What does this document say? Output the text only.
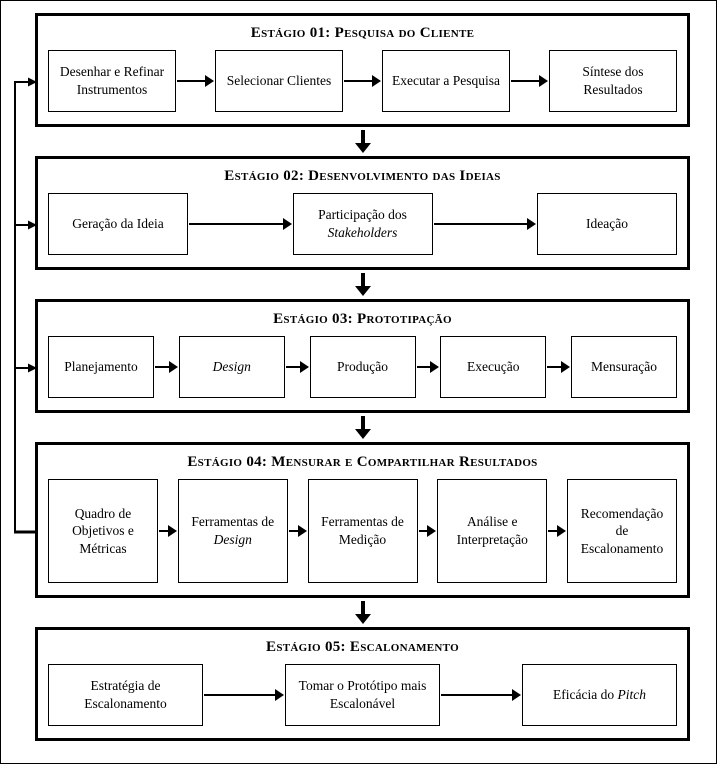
Estágio 01: Pesquisa do Cliente
Desenhar e Refinar Instrumentos
Selecionar Clientes	Executar a Pesquisa
Síntese dos Resultados
Estágio 02: Desenvolvimento das Ideias
Geração da Ideia
Participação dos Stakeholders
Ideação
Estágio 03: Prototipação
Planejamento	Design	Produção	Execução	Mensuração
Estágio 04: Mensurar e Compartilhar Resultados
Quadro de Objetivos e Métricas
Ferramentas de Design
Ferramentas de Medição
Análise e Interpretação
Recomendação de Escalonamento
Estágio 05: Escalonamento
Estratégia de Escalonamento
Tomar o Protótipo mais Escalonável
Eficácia do Pitch
